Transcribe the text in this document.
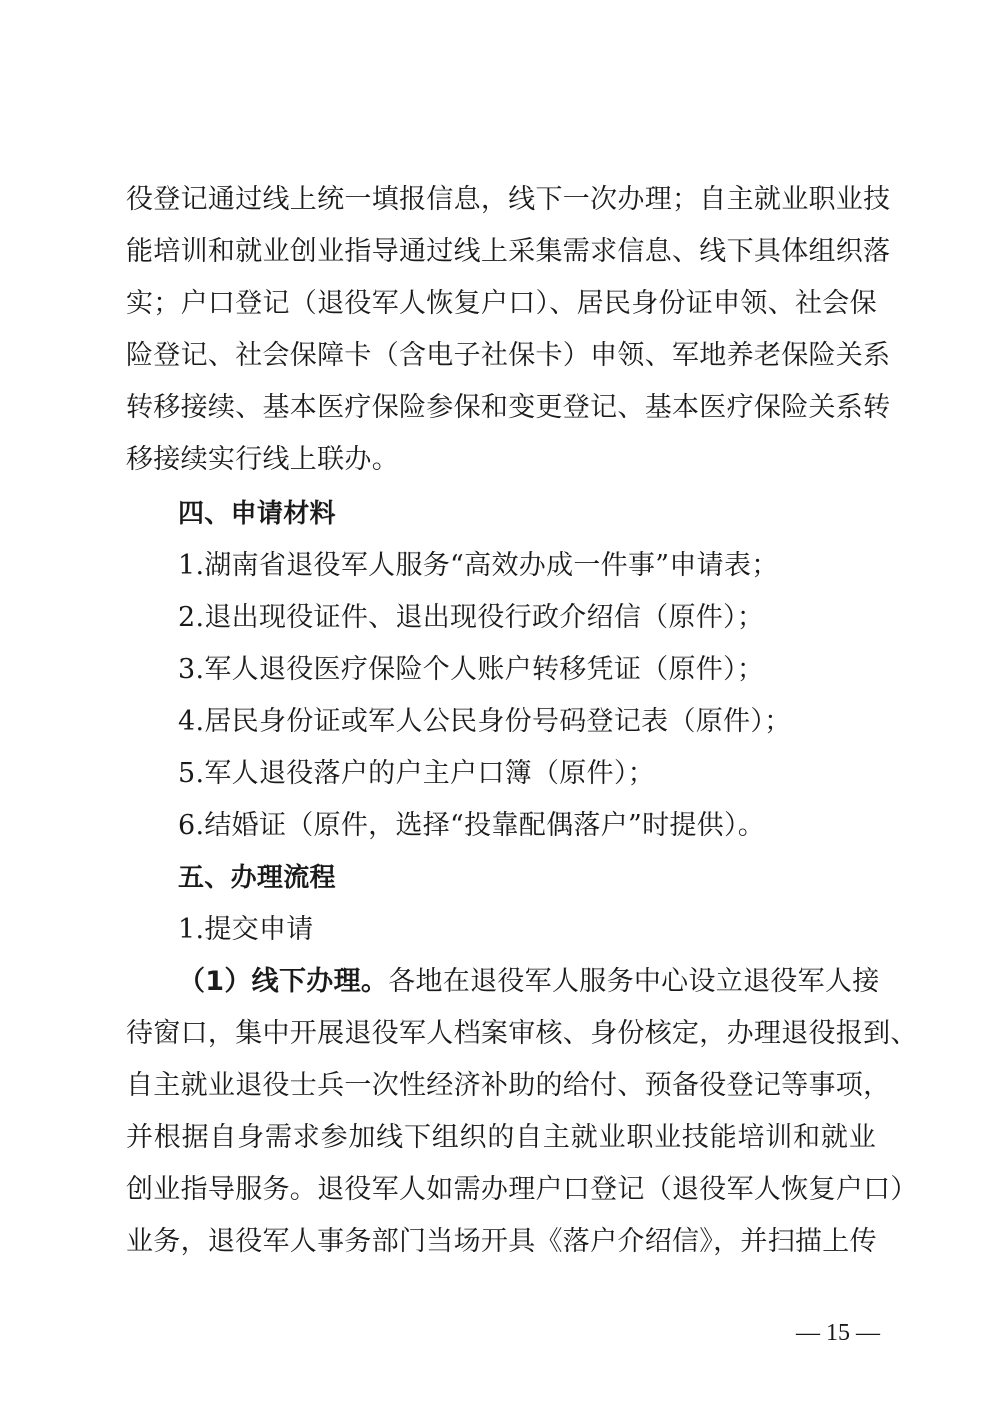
役登记通过线上统一填报信息，线下一次办理；自主就业职业技
能培训和就业创业指导通过线上采集需求信息、线下具体组织落
实；户口登记（退役军人恢复户口）、居民身份证申领、社会保
险登记、社会保障卡（含电子社保卡）申领、军地养老保险关系
转移接续、基本医疗保险参保和变更登记、基本医疗保险关系转
移接续实行线上联办。
四、申请材料
1.湖南省退役军人服务“高效办成一件事”申请表；
2.退出现役证件、退出现役行政介绍信（原件）；
3.军人退役医疗保险个人账户转移凭证（原件）；
4.居民身份证或军人公民身份号码登记表（原件）；
5.军人退役落户的户主户口簿（原件）；
6.结婚证（原件，选择“投靠配偶落户”时提供）。
五、办理流程
1.提交申请
（1）线下办理。各地在退役军人服务中心设立退役军人接
待窗口，集中开展退役军人档案审核、身份核定，办理退役报到、
自主就业退役士兵一次性经济补助的给付、预备役登记等事项，
并根据自身需求参加线下组织的自主就业职业技能培训和就业
创业指导服务。退役军人如需办理户口登记（退役军人恢复户口）
业务，退役军人事务部门当场开具《落户介绍信》，并扫描上传
— 15 —
